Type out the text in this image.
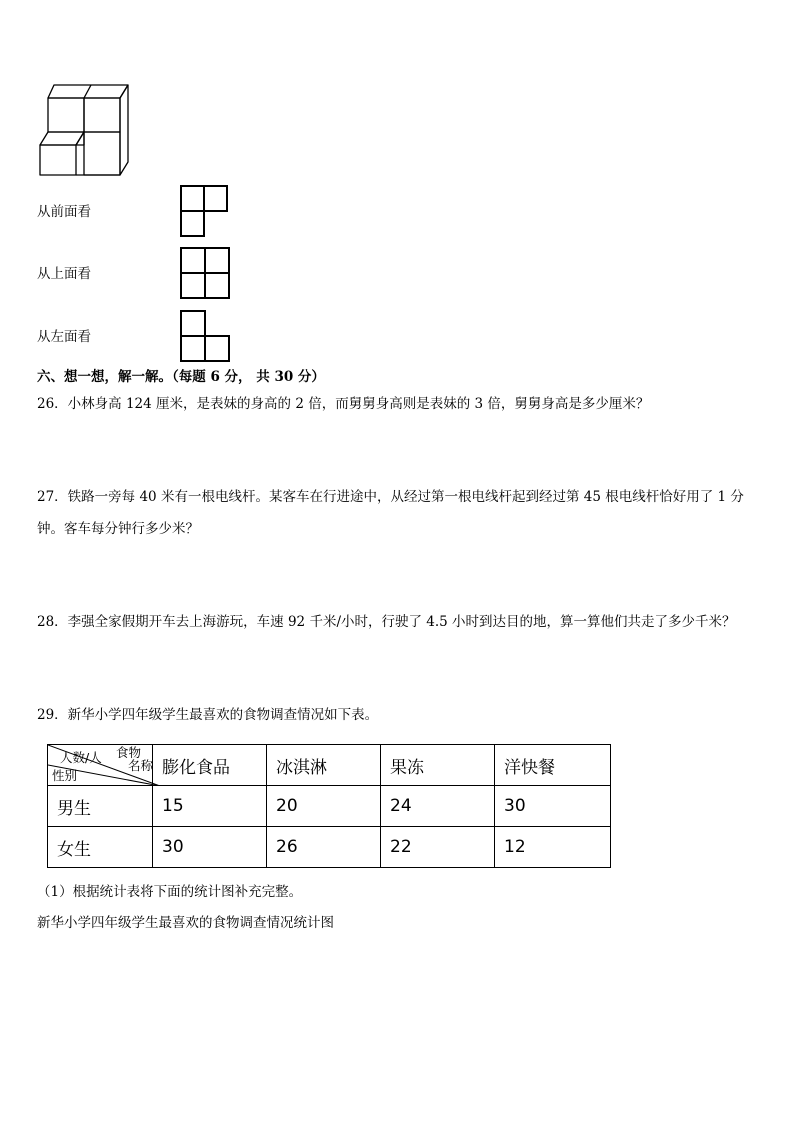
从前面看
从上面看
从左面看
六、想一想，解一解。（每题 6 分， 共 30 分）
26．小林身高 124 厘米，是表妹的身高的 2 倍，而舅舅身高则是表妹的 3 倍，舅舅身高是多少厘米？
27．铁路一旁每 40 米有一根电线杆。某客车在行进途中，从经过第一根电线杆起到经过第 45 根电线杆恰好用了 1 分
钟。客车每分钟行多少米？
28．李强全家假期开车去上海游玩，车速 92 千米/小时，行驶了 4.5 小时到达目的地，算一算他们共走了多少千米？
29．新华小学四年级学生最喜欢的食物调查情况如下表。
食物
名称
人数/人
性别	膨化食品	冰淇淋	果冻	洋快餐
男生	15	20	24	30
女生	30	26	22	12
（1）根据统计表将下面的统计图补充完整。
新华小学四年级学生最喜欢的食物调查情况统计图
